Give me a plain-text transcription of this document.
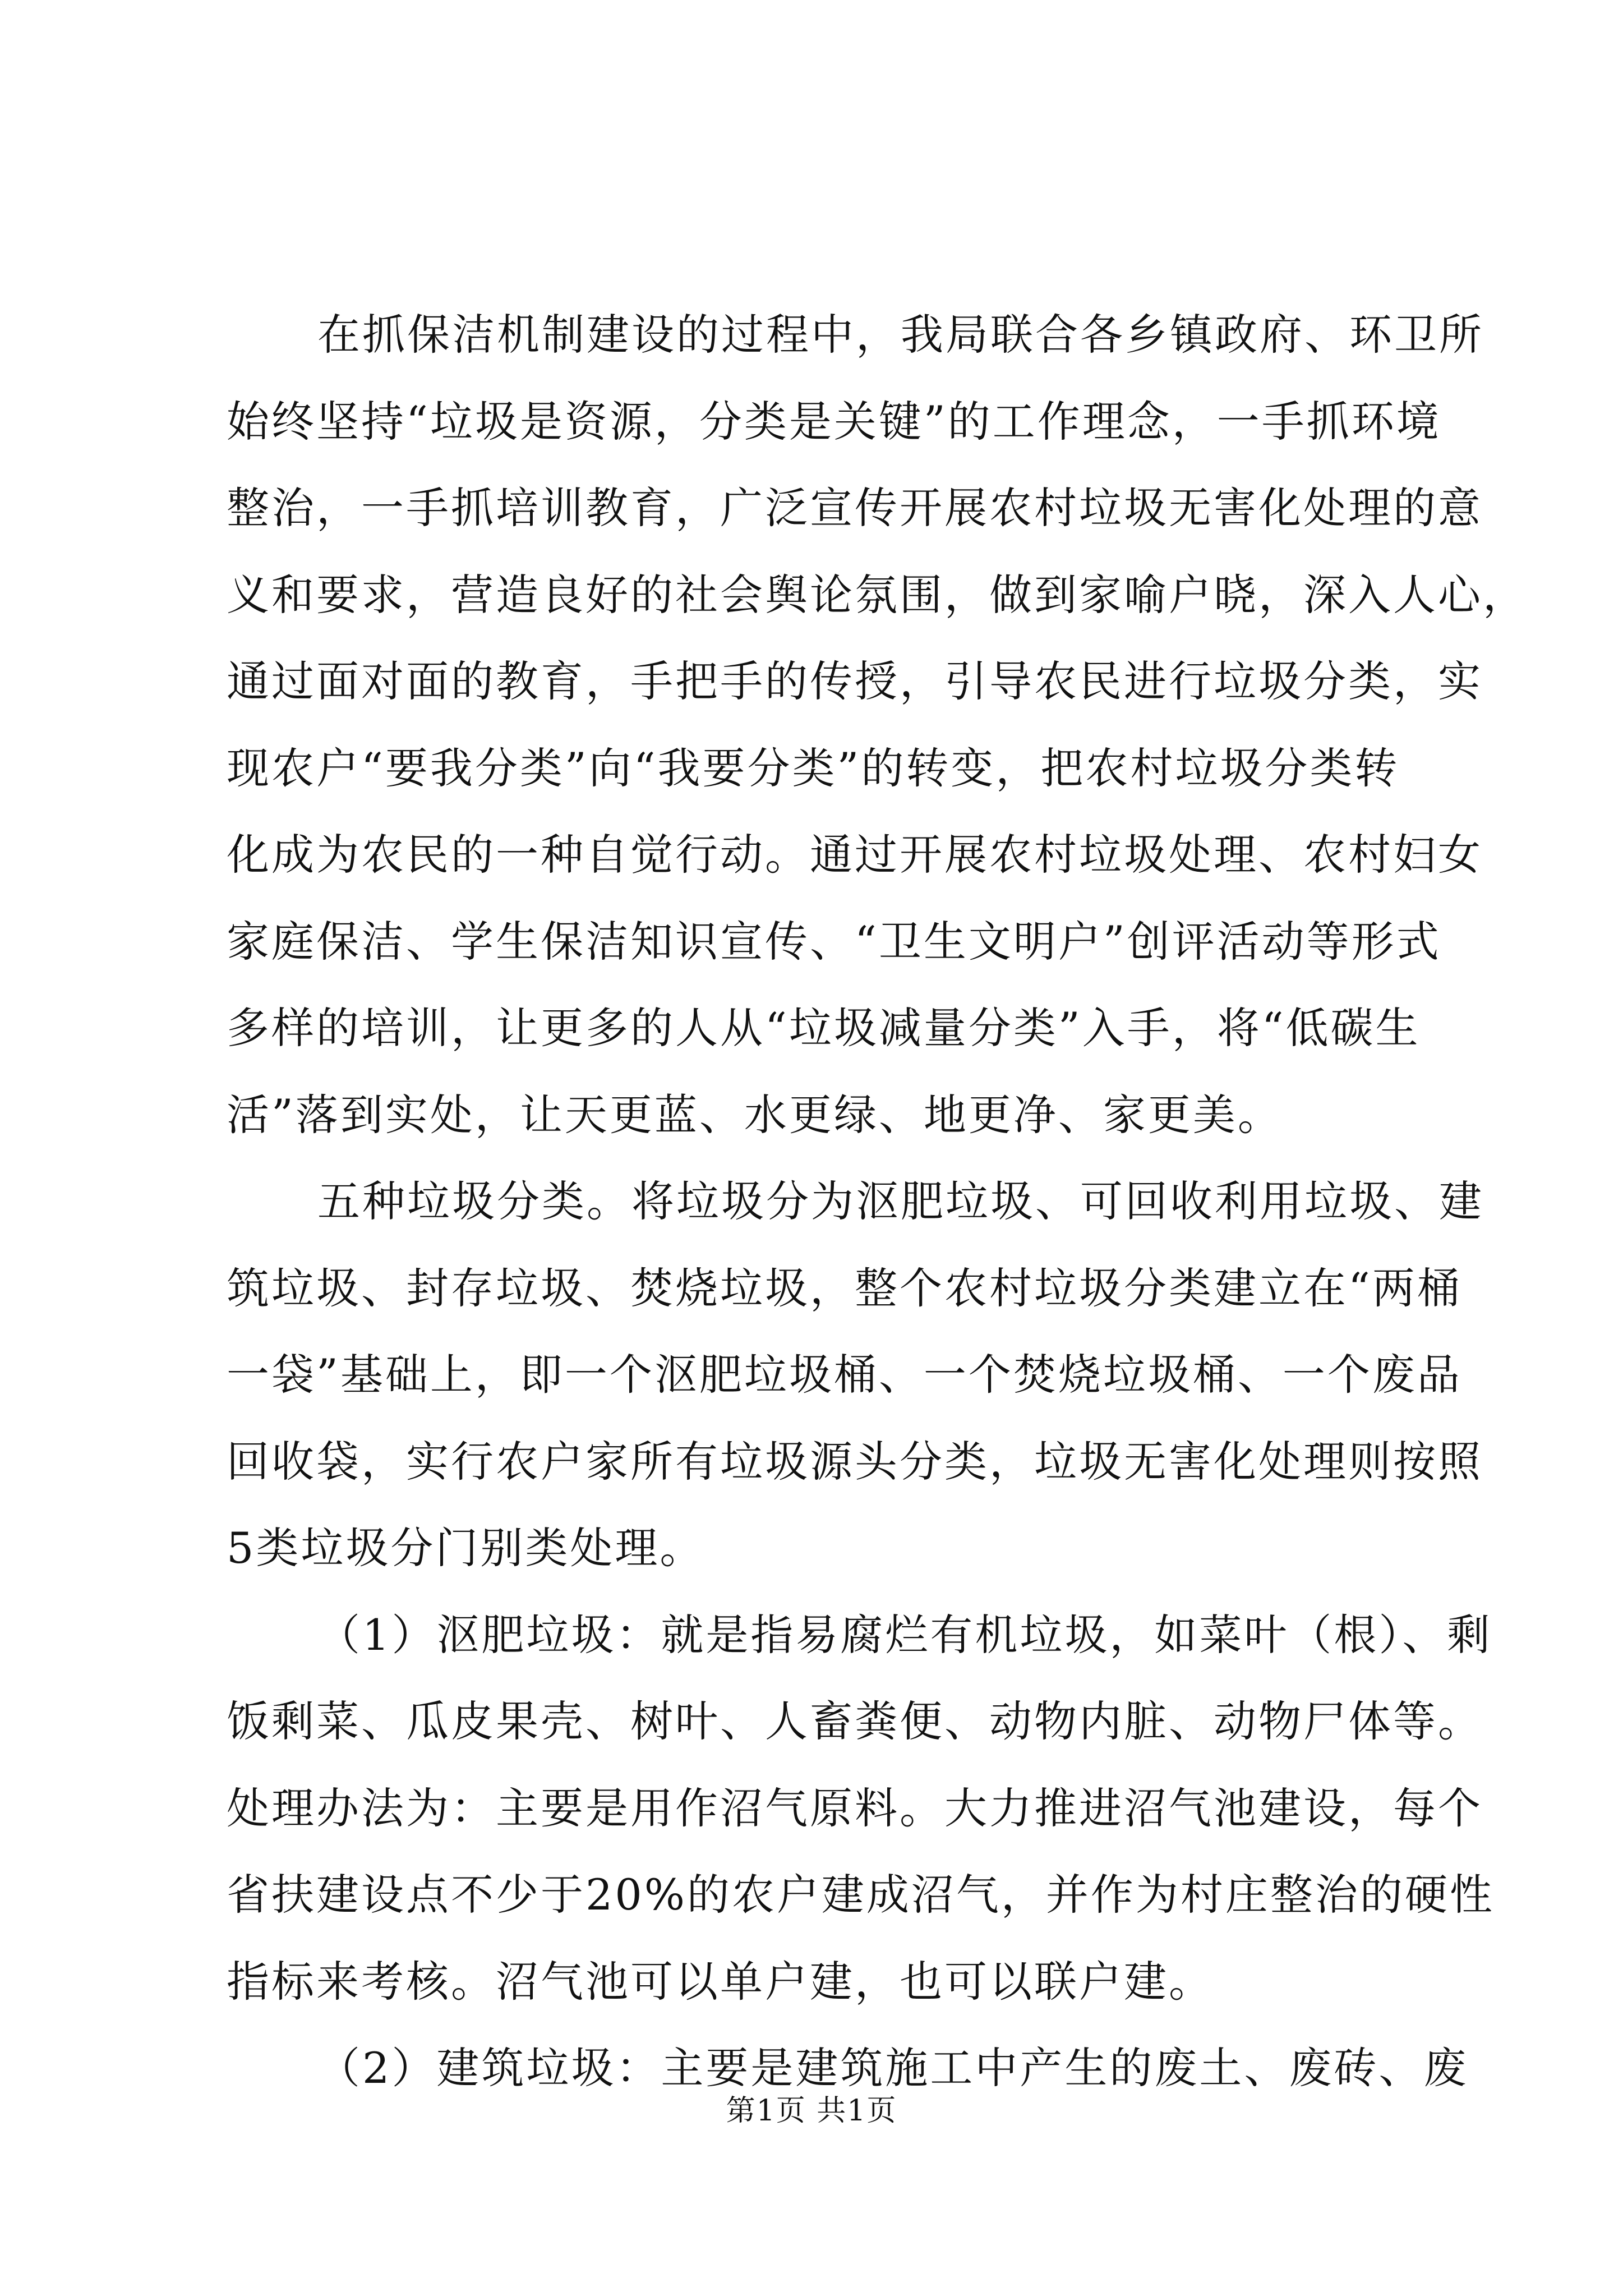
在抓保洁机制建设的过程中，我局联合各乡镇政府、环卫所
始终坚持“垃圾是资源，分类是关键”的工作理念，一手抓环境
整治，一手抓培训教育，广泛宣传开展农村垃圾无害化处理的意
义和要求，营造良好的社会舆论氛围，做到家喻户晓，深入人心，
通过面对面的教育，手把手的传授，引导农民进行垃圾分类，实
现农户“要我分类”向“我要分类”的转变，把农村垃圾分类转
化成为农民的一种自觉行动。通过开展农村垃圾处理、农村妇女
家庭保洁、学生保洁知识宣传、“卫生文明户”创评活动等形式
多样的培训，让更多的人从“垃圾减量分类”入手，将“低碳生
活”落到实处，让天更蓝、水更绿、地更净、家更美。

五种垃圾分类。将垃圾分为沤肥垃圾、可回收利用垃圾、建
筑垃圾、封存垃圾、焚烧垃圾，整个农村垃圾分类建立在“两桶
一袋”基础上，即一个沤肥垃圾桶、一个焚烧垃圾桶、一个废品
回收袋，实行农户家所有垃圾源头分类，垃圾无害化处理则按照
5类垃圾分门别类处理。

（1）沤肥垃圾：就是指易腐烂有机垃圾，如菜叶（根）、剩
饭剩菜、瓜皮果壳、树叶、人畜粪便、动物内脏、动物尸体等。
处理办法为：主要是用作沼气原料。大力推进沼气池建设，每个
省扶建设点不少于20%的农户建成沼气，并作为村庄整治的硬性
指标来考核。沼气池可以单户建，也可以联户建。

（2）建筑垃圾：主要是建筑施工中产生的废土、废砖、废

第1页 共1页
